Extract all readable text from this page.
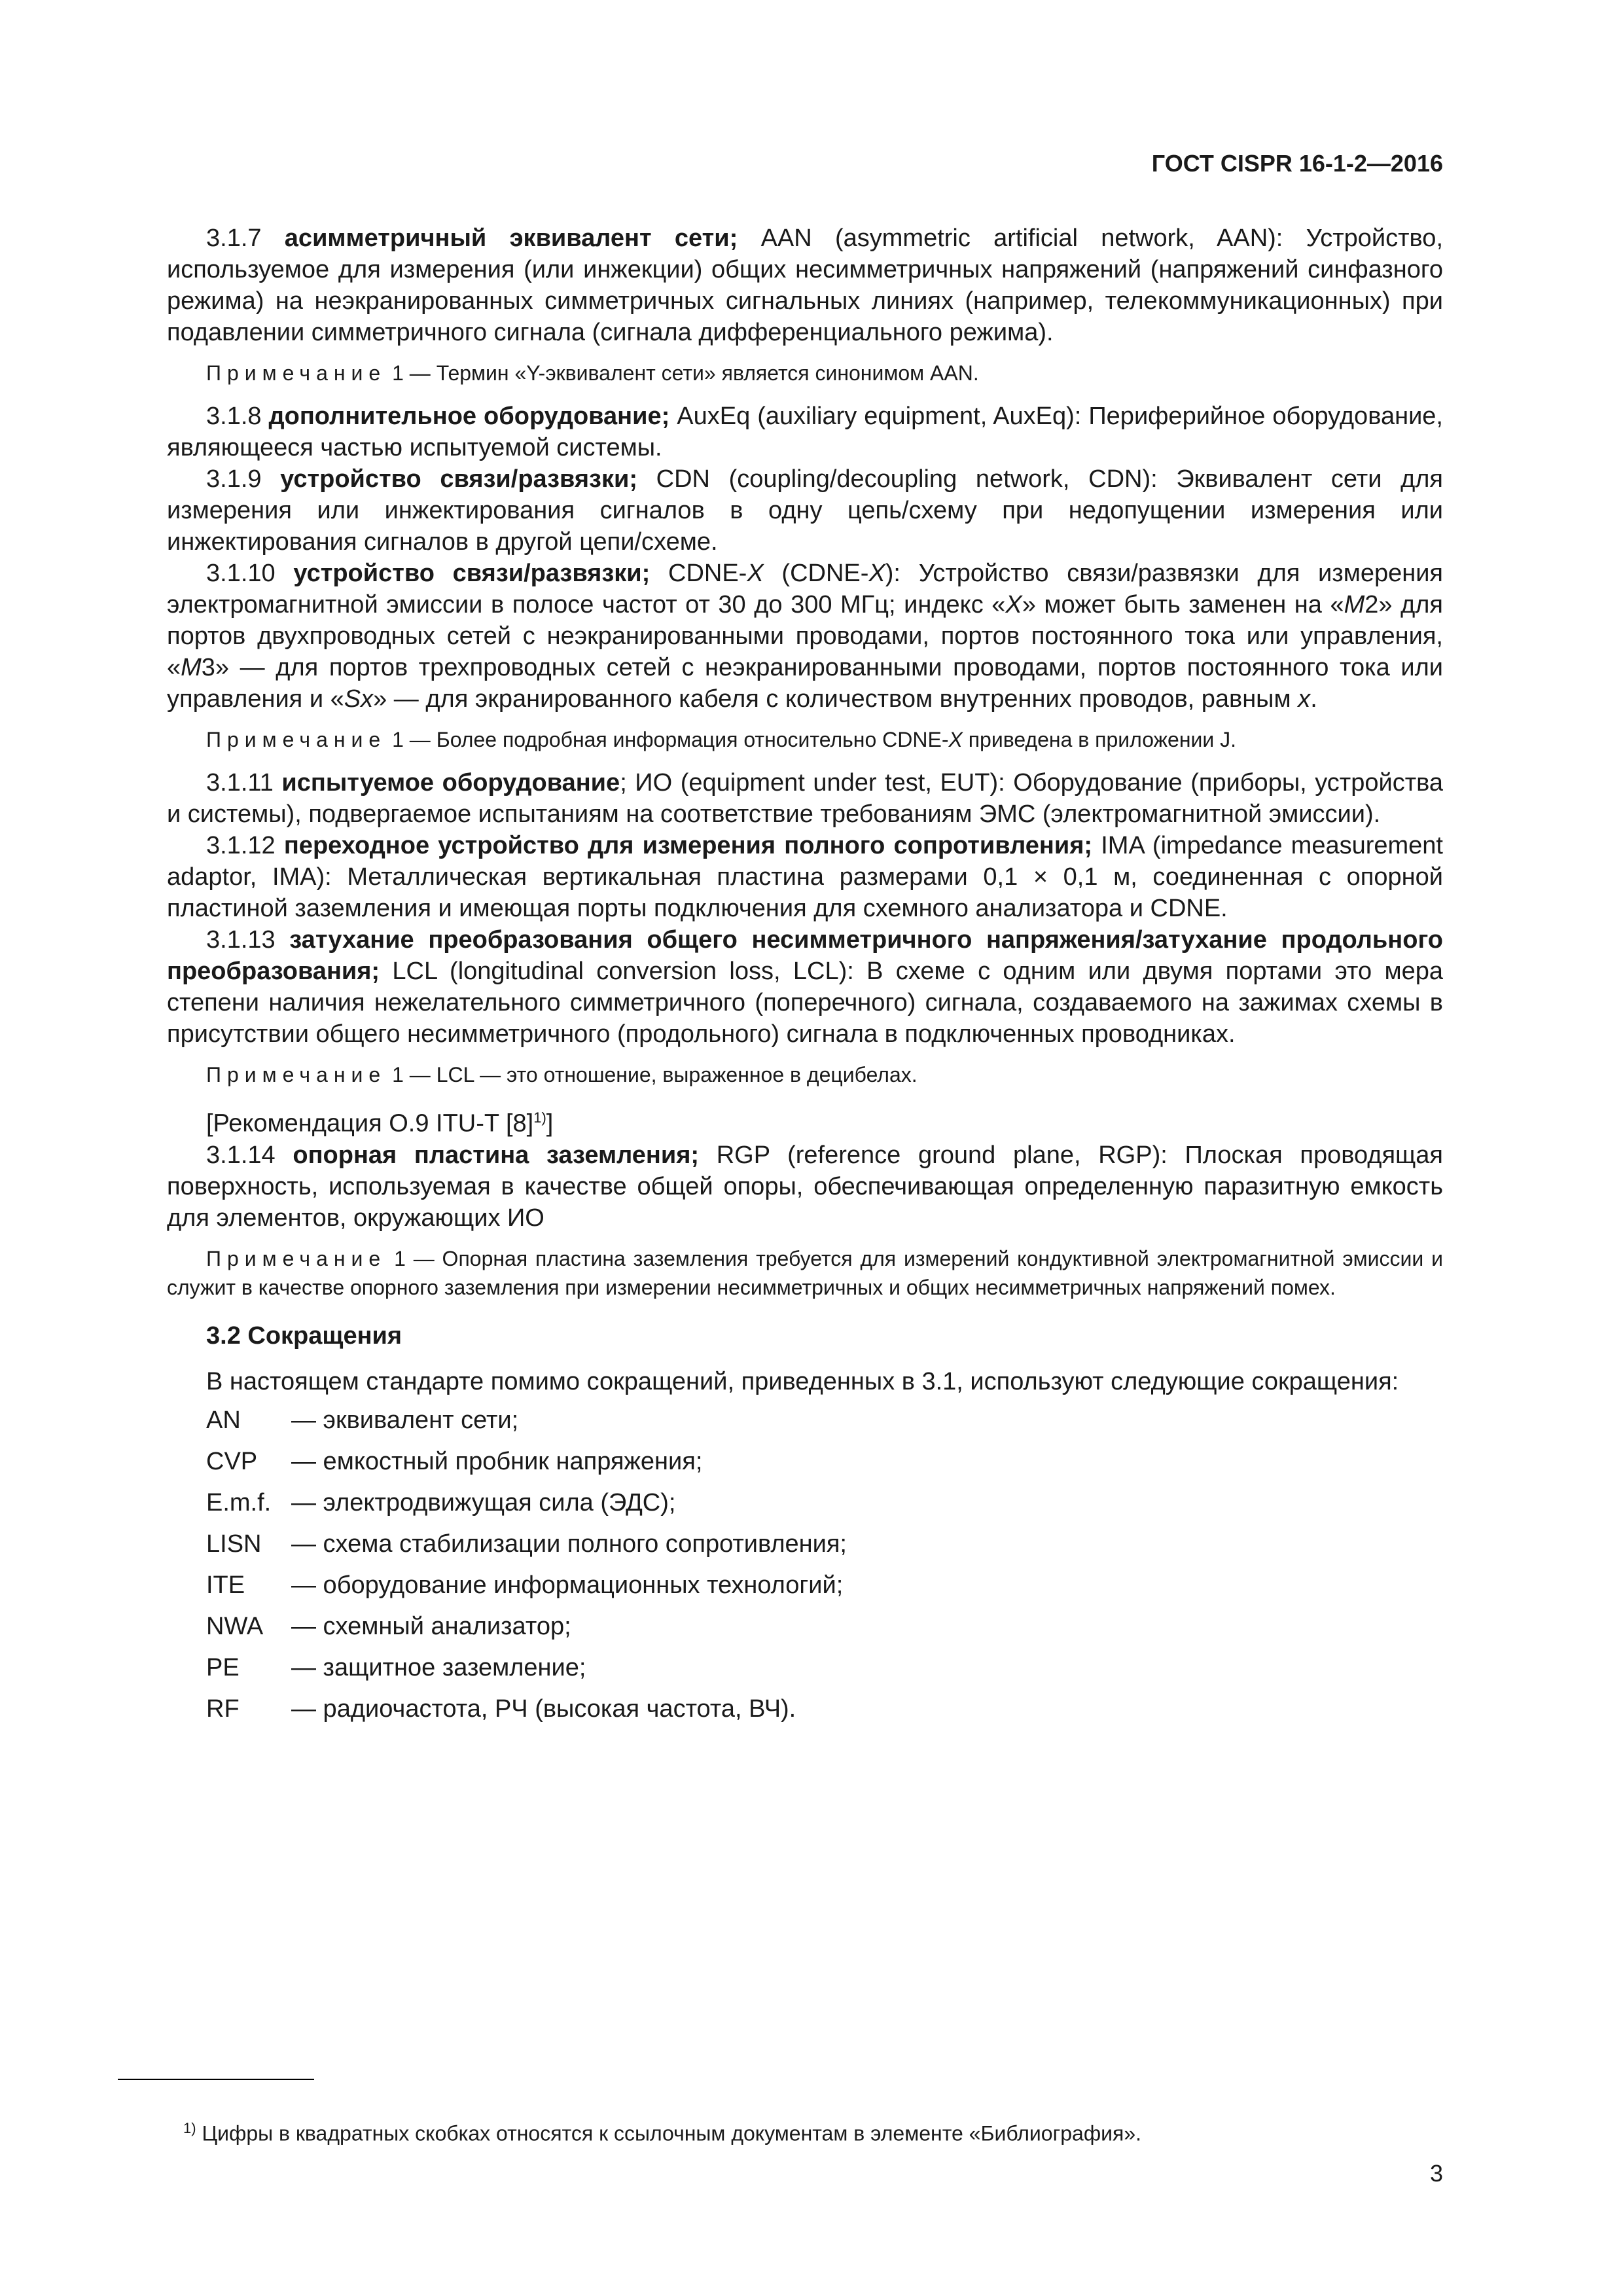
ГОСТ CISPR 16-1-2—2016

3.1.7 асимметричный эквивалент сети; AAN (asymmetric artificial network, AAN): Устройство, используемое для измерения (или инжекции) общих несимметричных напряжений (напряжений синфазного режима) на неэкранированных симметричных сигнальных линиях (например, телекоммуникационных) при подавлении симметричного сигнала (сигнала дифференциального режима).

Примечание 1 — Термин «Y-эквивалент сети» является синонимом AAN.

3.1.8 дополнительное оборудование; AuxEq (auxiliary equipment, AuxEq): Периферийное оборудование, являющееся частью испытуемой системы.

3.1.9 устройство связи/развязки; CDN (coupling/decoupling network, CDN): Эквивалент сети для измерения или инжектирования сигналов в одну цепь/схему при недопущении измерения или инжектирования сигналов в другой цепи/схеме.

3.1.10 устройство связи/развязки; CDNE-X (CDNE-X): Устройство связи/развязки для измерения электромагнитной эмиссии в полосе частот от 30 до 300 МГц; индекс «X» может быть заменен на «M2» для портов двухпроводных сетей с неэкранированными проводами, портов постоянного тока или управления, «M3» — для портов трехпроводных сетей с неэкранированными проводами, портов постоянного тока или управления и «Sx» — для экранированного кабеля с количеством внутренних проводов, равным x.

Примечание 1 — Более подробная информация относительно CDNE-X приведена в приложении J.

3.1.11 испытуемое оборудование; ИО (equipment under test, EUT): Оборудование (приборы, устройства и системы), подвергаемое испытаниям на соответствие требованиям ЭМС (электромагнитной эмиссии).

3.1.12 переходное устройство для измерения полного сопротивления; IMA (impedance measurement adaptor, IMA): Металлическая вертикальная пластина размерами 0,1 × 0,1 м, соединенная с опорной пластиной заземления и имеющая порты подключения для схемного анализатора и CDNE.

3.1.13 затухание преобразования общего несимметричного напряжения/затухание продольного преобразования; LCL (longitudinal conversion loss, LCL): В схеме с одним или двумя портами это мера степени наличия нежелательного симметричного (поперечного) сигнала, создаваемого на зажимах схемы в присутствии общего несимметричного (продольного) сигнала в подключенных проводниках.

Примечание 1 — LCL — это отношение, выраженное в децибелах.

[Рекомендация O.9 ITU-T $[8]^{1)}$]

3.1.14 опорная пластина заземления; RGP (reference ground plane, RGP): Плоская проводящая поверхность, используемая в качестве общей опоры, обеспечивающая определенную паразитную емкость для элементов, окружающих ИО

Примечание 1 — Опорная пластина заземления требуется для измерений кондуктивной электромагнитной эмиссии и служит в качестве опорного заземления при измерении несимметричных и общих несимметричных напряжений помех.

3.2 Сокращения

В настоящем стандарте помимо сокращений, приведенных в 3.1, используют следующие сокращения:

AN	— эквивалент сети;
CVP	— емкостный пробник напряжения;
E.m.f. — электродвижущая сила (ЭДС);
LISN	— схема стабилизации полного сопротивления;
ITE	— оборудование информационных технологий;
NWA	— схемный анализатор;
PE	— защитное заземление;
RF	— радиочастота, РЧ (высокая частота, ВЧ).

$^{1)}$ Цифры в квадратных скобках относятся к ссылочным документам в элементе «Библиография».

3
